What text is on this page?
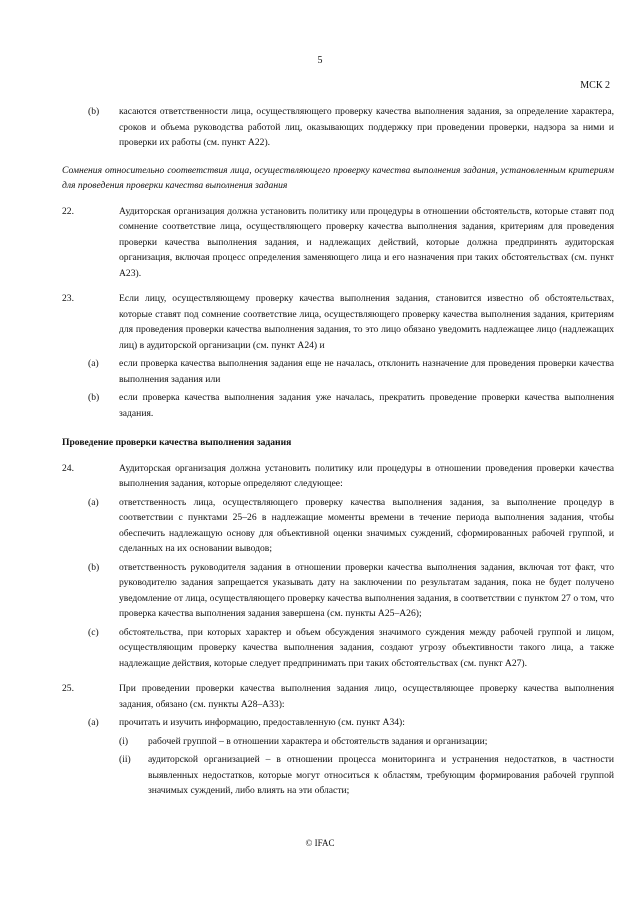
5
МСК 2
(b) касаются ответственности лица, осуществляющего проверку качества выполнения задания, за определение характера, сроков и объема руководства работой лиц, оказывающих поддержку при проведении проверки, надзора за ними и проверки их работы (см. пункт А22).
Сомнения относительно соответствия лица, осуществляющего проверку качества выполнения задания, установленным критериям для проведения проверки качества выполнения задания
22.	Аудиторская организация должна установить политику или процедуры в отношении обстоятельств, которые ставят под сомнение соответствие лица, осуществляющего проверку качества выполнения задания, критериям для проведения проверки качества выполнения задания, и надлежащих действий, которые должна предпринять аудиторская организация, включая процесс определения заменяющего лица и его назначения при таких обстоятельствах (см. пункт А23).
23.	Если лицу, осуществляющему проверку качества выполнения задания, становится известно об обстоятельствах, которые ставят под сомнение соответствие лица, осуществляющего проверку качества выполнения задания, критериям для проведения проверки качества выполнения задания, то это лицо обязано уведомить надлежащее лицо (надлежащих лиц) в аудиторской организации (см. пункт А24) и
(a) если проверка качества выполнения задания еще не началась, отклонить назначение для проведения проверки качества выполнения задания или
(b) если проверка качества выполнения задания уже началась, прекратить проведение проверки качества выполнения задания.
Проведение проверки качества выполнения задания
24.	Аудиторская организация должна установить политику или процедуры в отношении проведения проверки качества выполнения задания, которые определяют следующее:
(a) ответственность лица, осуществляющего проверку качества выполнения задания, за выполнение процедур в соответствии с пунктами 25–26 в надлежащие моменты времени в течение периода выполнения задания, чтобы обеспечить надлежащую основу для объективной оценки значимых суждений, сформированных рабочей группой, и сделанных на их основании выводов;
(b) ответственность руководителя задания в отношении проверки качества выполнения задания, включая тот факт, что руководителю задания запрещается указывать дату на заключении по результатам задания, пока не будет получено уведомление от лица, осуществляющего проверку качества выполнения задания, в соответствии с пунктом 27 о том, что проверка качества выполнения задания завершена (см. пункты А25–А26);
(c) обстоятельства, при которых характер и объем обсуждения значимого суждения между рабочей группой и лицом, осуществляющим проверку качества выполнения задания, создают угрозу объективности такого лица, а также надлежащие действия, которые следует предпринимать при таких обстоятельствах (см. пункт А27).
25.	При проведении проверки качества выполнения задания лицо, осуществляющее проверку качества выполнения задания, обязано (см. пункты А28–А33):
(a) прочитать и изучить информацию, предоставленную (см. пункт А34):
(i) рабочей группой – в отношении характера и обстоятельств задания и организации;
(ii) аудиторской организацией – в отношении процесса мониторинга и устранения недостатков, в частности выявленных недостатков, которые могут относиться к областям, требующим формирования рабочей группой значимых суждений, либо влиять на эти области;
© IFAC
